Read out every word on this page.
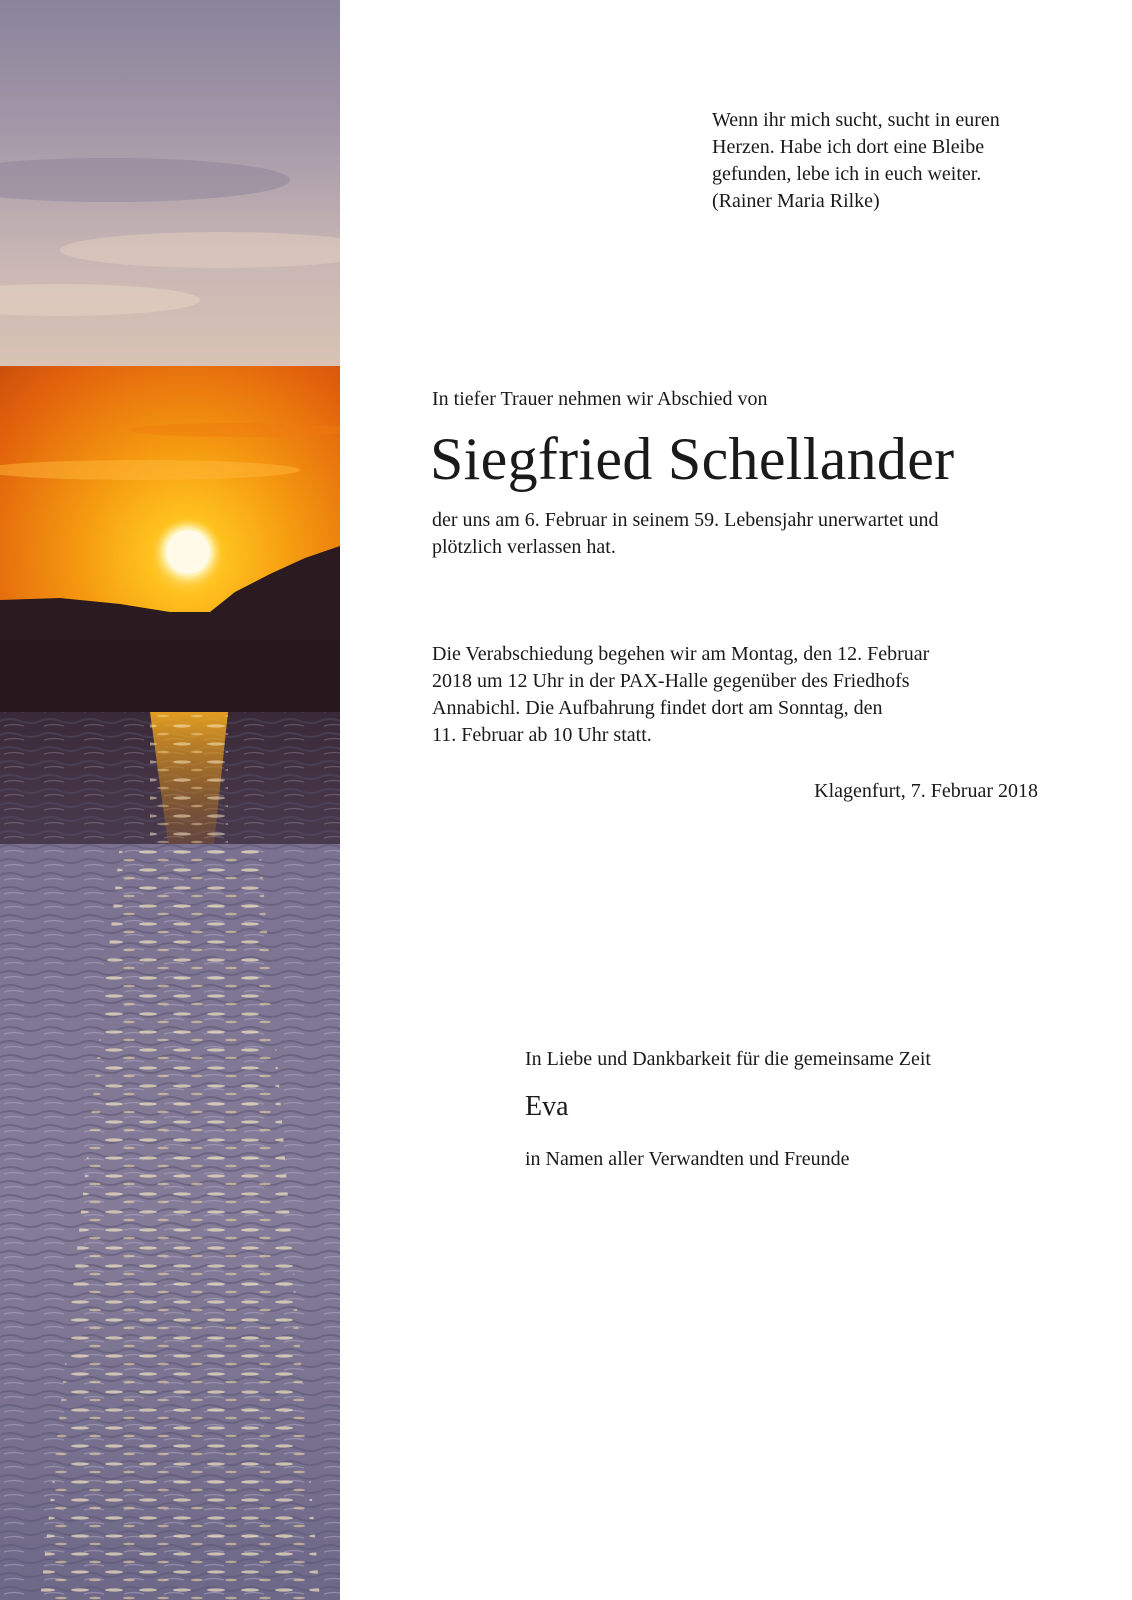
Wenn ihr mich sucht, sucht in euren
Herzen. Habe ich dort eine Bleibe
gefunden, lebe ich in euch weiter.
(Rainer Maria Rilke)

In tiefer Trauer nehmen wir Abschied von
Siegfried Schellander

der uns am 6. Februar in seinem 59. Lebensjahr unerwartet und
plötzlich verlassen hat.

Die Verabschiedung begehen wir am Montag, den 12. Februar
2018 um 12 Uhr in der PAX-Halle gegenüber des Friedhofs
Annabichl. Die Aufbahrung findet dort am Sonntag, den
11. Februar ab 10 Uhr statt.

Klagenfurt, 7. Februar 2018
In Liebe und Dankbarkeit für die gemeinsame Zeit
Eva
in Namen aller Verwandten und Freunde
